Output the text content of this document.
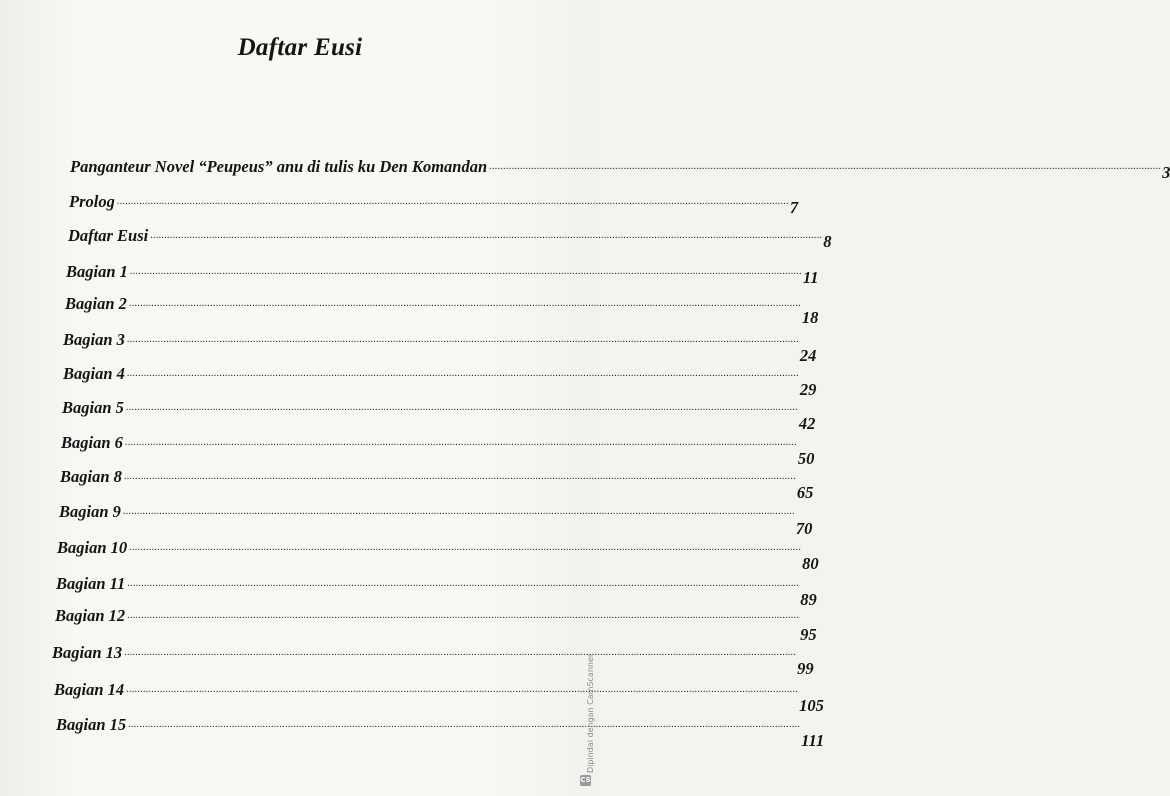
Daftar Eusi
Panganteur Novel “Peupeus” anu di tulis ku Den Komandan ................................................................................................................................................................................................................................................ 3
Prolog ................................................................................................................................................................................................................................................ 7
Daftar Eusi ................................................................................................................................................................................................................................................ 8
Bagian 1 ................................................................................................................................................................................................................................................ 11
Bagian 2 ................................................................................................................................................................................................................................................
18
Bagian 3 ................................................................................................................................................................................................................................................
24
Bagian 4 ................................................................................................................................................................................................................................................
29
Bagian 5 ................................................................................................................................................................................................................................................
42
Bagian 6 ................................................................................................................................................................................................................................................
50
Bagian 8 ................................................................................................................................................................................................................................................
65
Bagian 9 ................................................................................................................................................................................................................................................
70
Bagian 10 ................................................................................................................................................................................................................................................
80
Bagian 11 ................................................................................................................................................................................................................................................
89
Bagian 12 ................................................................................................................................................................................................................................................
95
Bagian 13 ................................................................................................................................................................................................................................................
99
Bagian 14 ................................................................................................................................................................................................................................................
105
Bagian 15 ................................................................................................................................................................................................................................................
111
Dipindai dengan CamScanner
CS
